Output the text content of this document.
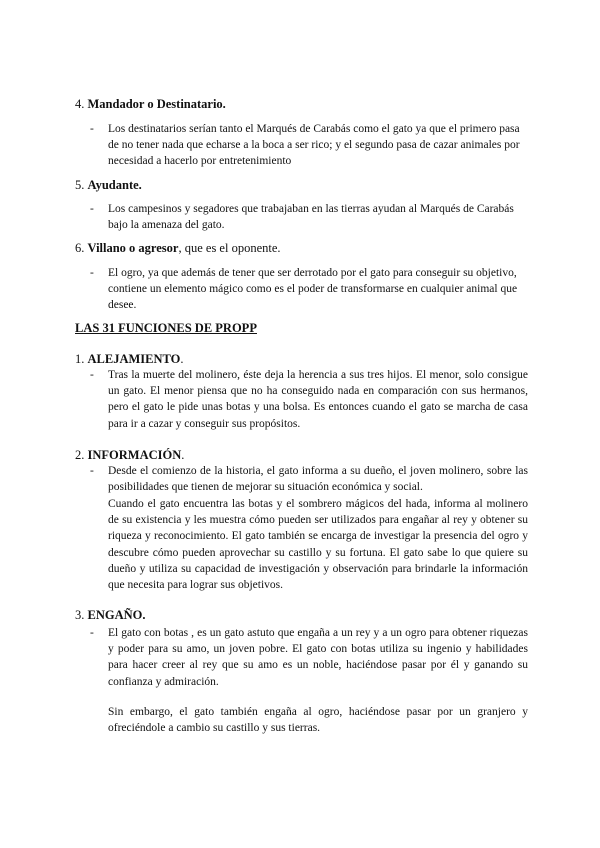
4. Mandador o Destinatario.
- Los destinatarios serían tanto el Marqués de Carabás como el gato ya que el primero pasa de no tener nada que echarse a la boca a ser rico; y el segundo pasa de cazar animales por necesidad a hacerlo por entretenimiento
5. Ayudante.
- Los campesinos y segadores que trabajaban en las tierras ayudan al Marqués de Carabás bajo la amenaza del gato.
6. Villano o agresor, que es el oponente.
- El ogro, ya que además de tener que ser derrotado por el gato para conseguir su objetivo, contiene un elemento mágico como es el poder de transformarse en cualquier animal que desee.
LAS 31 FUNCIONES DE PROPP
1. ALEJAMIENTO.
- Tras la muerte del molinero, éste deja la herencia a sus tres hijos. El menor, solo consigue un gato. El menor piensa que no ha conseguido nada en comparación con sus hermanos, pero el gato le pide unas botas y una bolsa. Es entonces cuando el gato se marcha de casa para ir a cazar y conseguir sus propósitos.
2. INFORMACIÓN.
- Desde el comienzo de la historia, el gato informa a su dueño, el joven molinero, sobre las posibilidades que tienen de mejorar su situación económica y social.
Cuando el gato encuentra las botas y el sombrero mágicos del hada, informa al molinero de su existencia y les muestra cómo pueden ser utilizados para engañar al rey y obtener su riqueza y reconocimiento. El gato también se encarga de investigar la presencia del ogro y descubre cómo pueden aprovechar su castillo y su fortuna. El gato sabe lo que quiere su dueño y utiliza su capacidad de investigación y observación para brindarle la información que necesita para lograr sus objetivos.
3. ENGAÑO.
- El gato con botas , es un gato astuto que engaña a un rey y a un ogro para obtener riquezas y poder para su amo, un joven pobre. El gato con botas utiliza su ingenio y habilidades para hacer creer al rey que su amo es un noble, haciéndose pasar por él y ganando su confianza y admiración.
Sin embargo, el gato también engaña al ogro, haciéndose pasar por un granjero y ofreciéndole a cambio su castillo y sus tierras.
